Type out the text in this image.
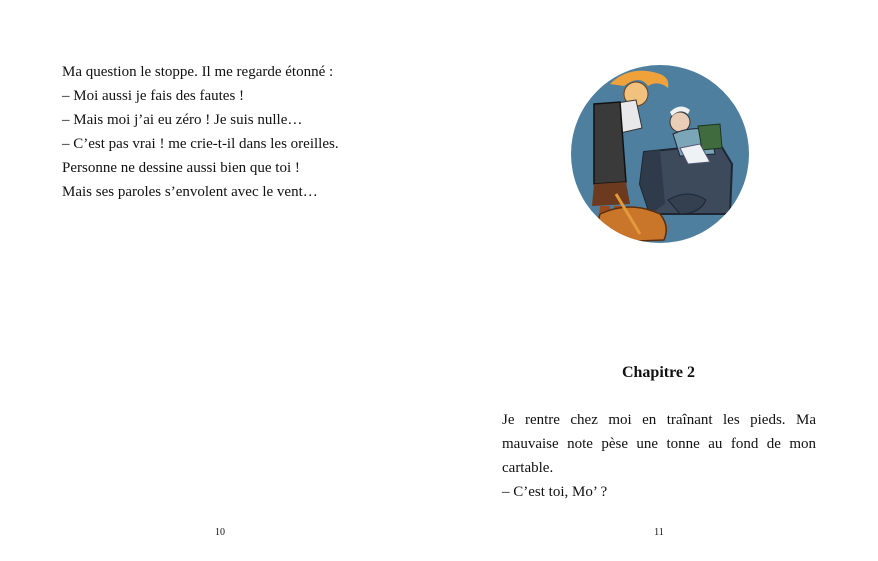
Ma question le stoppe. Il me regarde étonné :

– Moi aussi je fais des fautes !

– Mais moi j’ai eu zéro ! Je suis nulle…

– C’est pas vrai ! me crie-t-il dans les oreilles.

Personne ne dessine aussi bien que toi !

Mais ses paroles s’envolent avec le vent…

10
Chapitre 2

Je rentre chez moi en traînant les pieds. Ma mauvaise note pèse une tonne au fond de mon cartable.

– C’est toi, Mo’ ?

11
